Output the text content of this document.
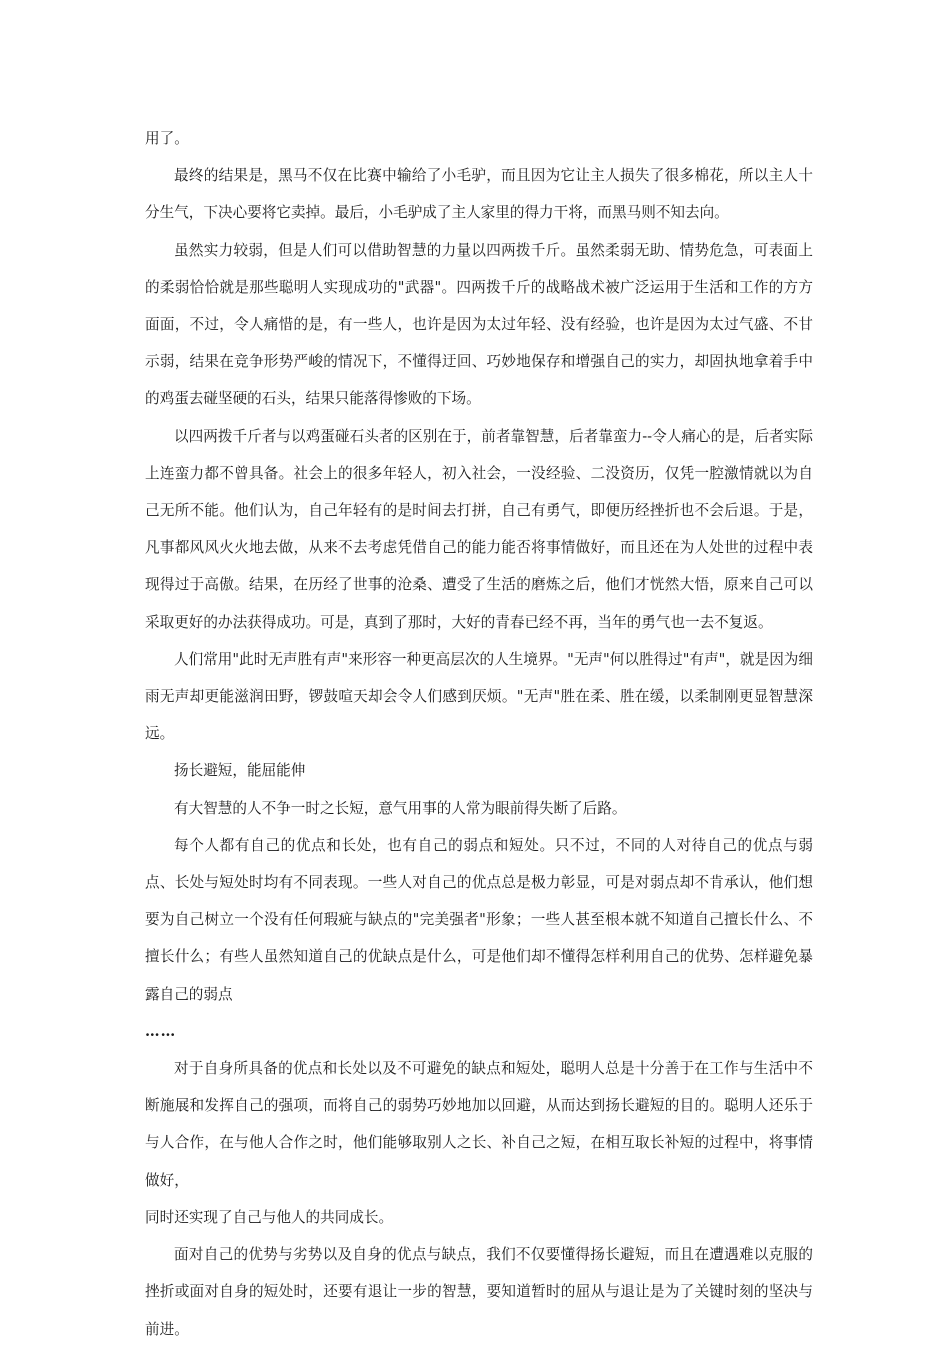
用了。

最终的结果是，黑马不仅在比赛中输给了小毛驴，而且因为它让主人损失了很多棉花，所以主人十分生气，下决心要将它卖掉。最后，小毛驴成了主人家里的得力干将，而黑马则不知去向。

虽然实力较弱，但是人们可以借助智慧的力量以四两拨千斤。虽然柔弱无助、情势危急，可表面上的柔弱恰恰就是那些聪明人实现成功的"武器"。四两拨千斤的战略战术被广泛运用于生活和工作的方方面面，不过，令人痛惜的是，有一些人，也许是因为太过年轻、没有经验，也许是因为太过气盛、不甘示弱，结果在竞争形势严峻的情况下，不懂得迂回、巧妙地保存和增强自己的实力，却固执地拿着手中的鸡蛋去碰坚硬的石头，结果只能落得惨败的下场。

以四两拨千斤者与以鸡蛋碰石头者的区别在于，前者靠智慧，后者靠蛮力--令人痛心的是，后者实际上连蛮力都不曾具备。社会上的很多年轻人，初入社会，一没经验、二没资历，仅凭一腔激情就以为自己无所不能。他们认为，自己年轻有的是时间去打拼，自己有勇气，即便历经挫折也不会后退。于是，凡事都风风火火地去做，从来不去考虑凭借自己的能力能否将事情做好，而且还在为人处世的过程中表现得过于高傲。结果，在历经了世事的沧桑、遭受了生活的磨炼之后，他们才恍然大悟，原来自己可以采取更好的办法获得成功。可是，真到了那时，大好的青春已经不再，当年的勇气也一去不复返。

人们常用"此时无声胜有声"来形容一种更高层次的人生境界。"无声"何以胜得过"有声"，就是因为细雨无声却更能滋润田野，锣鼓喧天却会令人们感到厌烦。"无声"胜在柔、胜在缓，以柔制刚更显智慧深远。

扬长避短，能屈能伸

有大智慧的人不争一时之长短，意气用事的人常为眼前得失断了后路。

每个人都有自己的优点和长处，也有自己的弱点和短处。只不过，不同的人对待自己的优点与弱点、长处与短处时均有不同表现。一些人对自己的优点总是极力彰显，可是对弱点却不肯承认，他们想要为自己树立一个没有任何瑕疵与缺点的"完美强者"形象；一些人甚至根本就不知道自己擅长什么、不擅长什么；有些人虽然知道自己的优缺点是什么，可是他们却不懂得怎样利用自己的优势、怎样避免暴露自己的弱点

……

对于自身所具备的优点和长处以及不可避免的缺点和短处，聪明人总是十分善于在工作与生活中不断施展和发挥自己的强项，而将自己的弱势巧妙地加以回避，从而达到扬长避短的目的。聪明人还乐于与人合作，在与他人合作之时，他们能够取别人之长、补自己之短，在相互取长补短的过程中，将事情做好，

同时还实现了自己与他人的共同成长。

面对自己的优势与劣势以及自身的优点与缺点，我们不仅要懂得扬长避短，而且在遭遇难以克服的挫折或面对自身的短处时，还要有退让一步的智慧，要知道暂时的屈从与退让是为了关键时刻的坚决与前进。
